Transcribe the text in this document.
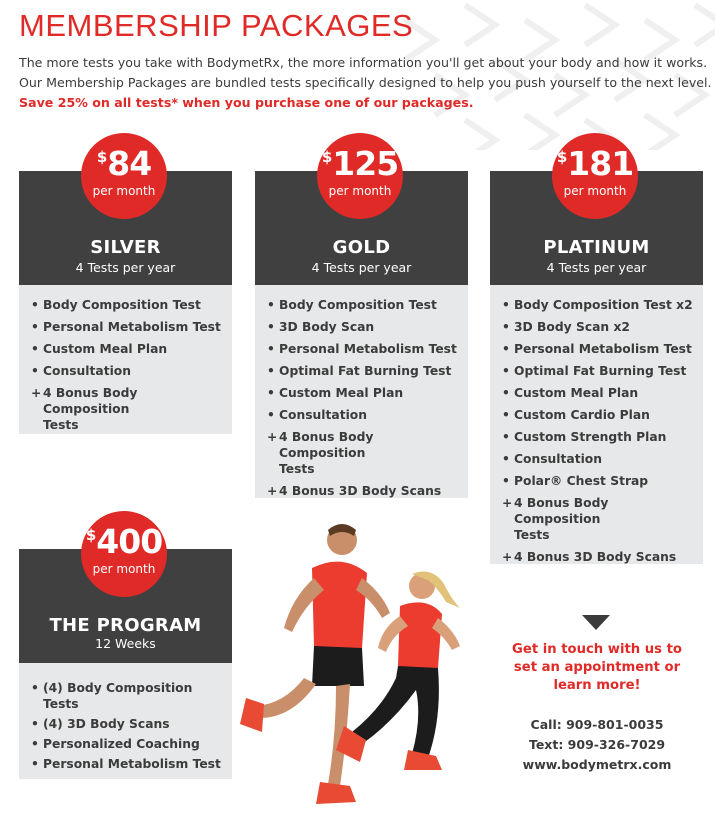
MEMBERSHIP PACKAGES

The more tests you take with BodymetRx, the more information you'll get about your body and how it works.

Our Membership Packages are bundled tests specifically designed to help you push yourself to the next level.

Save 25% on all tests* when you purchase one of our packages.

SILVER
4 Tests per year
$84
per month
• Body Composition Test
• Personal Metabolism Test
• Custom Meal Plan
• Consultation
+ 4 Bonus Body Composition Tests
GOLD
4 Tests per year
$125
per month
• Body Composition Test
• 3D Body Scan
• Personal Metabolism Test
• Optimal Fat Burning Test
• Custom Meal Plan
• Consultation
+ 4 Bonus Body Composition Tests
+ 4 Bonus 3D Body Scans
PLATINUM
4 Tests per year
$181
per month
• Body Composition Test x2
• 3D Body Scan x2
• Personal Metabolism Test
• Optimal Fat Burning Test
• Custom Meal Plan
• Custom Cardio Plan
• Custom Strength Plan
• Consultation
• Polar® Chest Strap
+ 4 Bonus Body Composition Tests
+ 4 Bonus 3D Body Scans
THE PROGRAM
12 Weeks
$400
per month
• (4) Body Composition Tests
• (4) 3D Body Scans
• Personalized Coaching
• Personal Metabolism Test
Get in touch with us to
set an appointment or
learn more!
Call: 909-801-0035
Text: 909-326-7029
www.bodymetrx.com
